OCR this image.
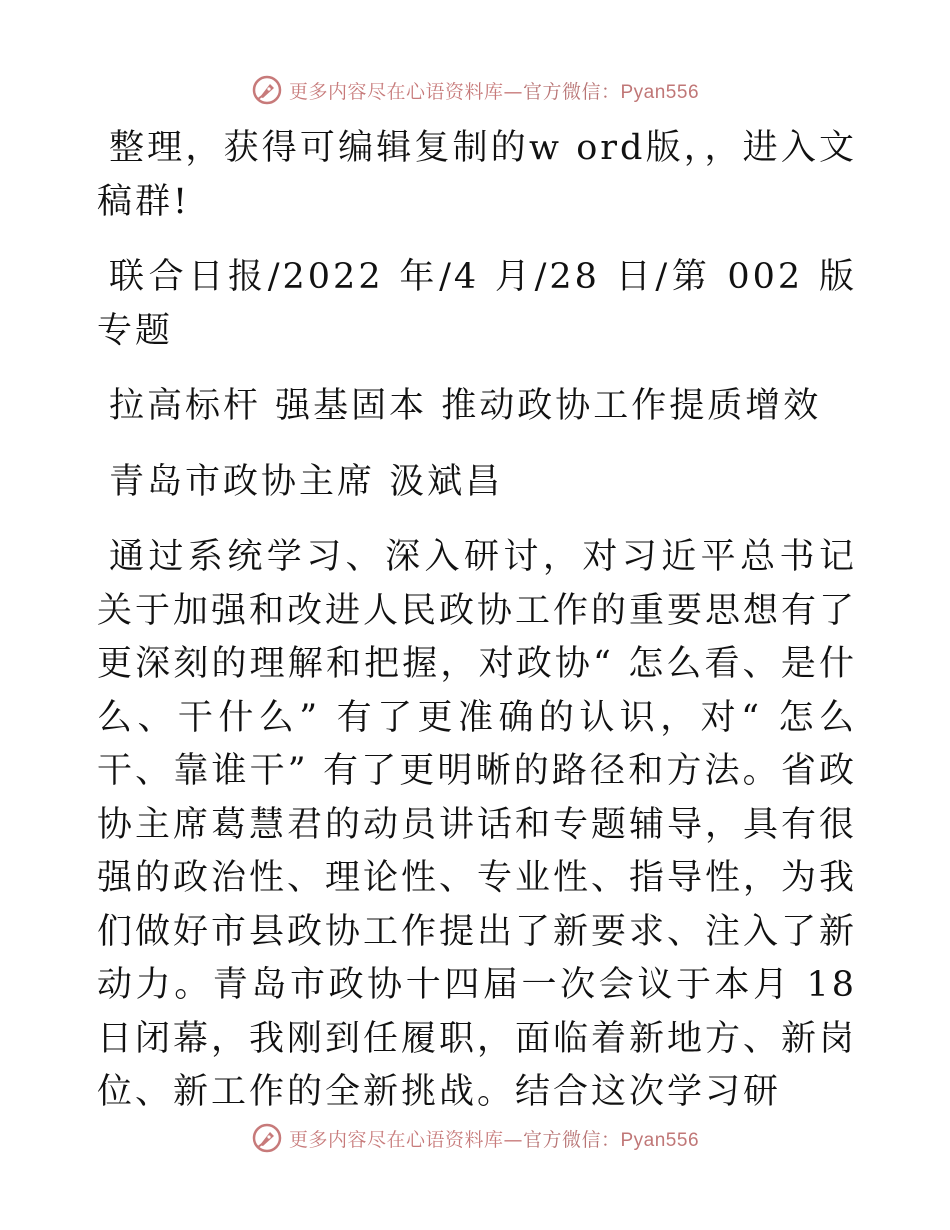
更多内容尽在心语资料库—官方微信：Pyan556

整理，获得可编辑复制的w ord版，，进入文稿群!

联合日报/2022 年/4 月/28 日/第 002 版专题

拉高标杆 强基固本 推动政协工作提质增效

青岛市政协主席 汲斌昌

通过系统学习、深入研讨，对习近平总书记关于加强和改进人民政协工作的重要思想有了更深刻的理解和把握，对政协“ 怎么看、是什么、干什么” 有了更准确的认识，对“ 怎么干、靠谁干” 有了更明晰的路径和方法。省政协主席葛慧君的动员讲话和专题辅导，具有很强的政治性、理论性、专业性、指导性，为我们做好市县政协工作提出了新要求、注入了新动力。青岛市政协十四届一次会议于本月 18 日闭幕，我刚到任履职，面临着新地方、新岗位、新工作的全新挑战。结合这次学习研

更多内容尽在心语资料库—官方微信：Pyan556
